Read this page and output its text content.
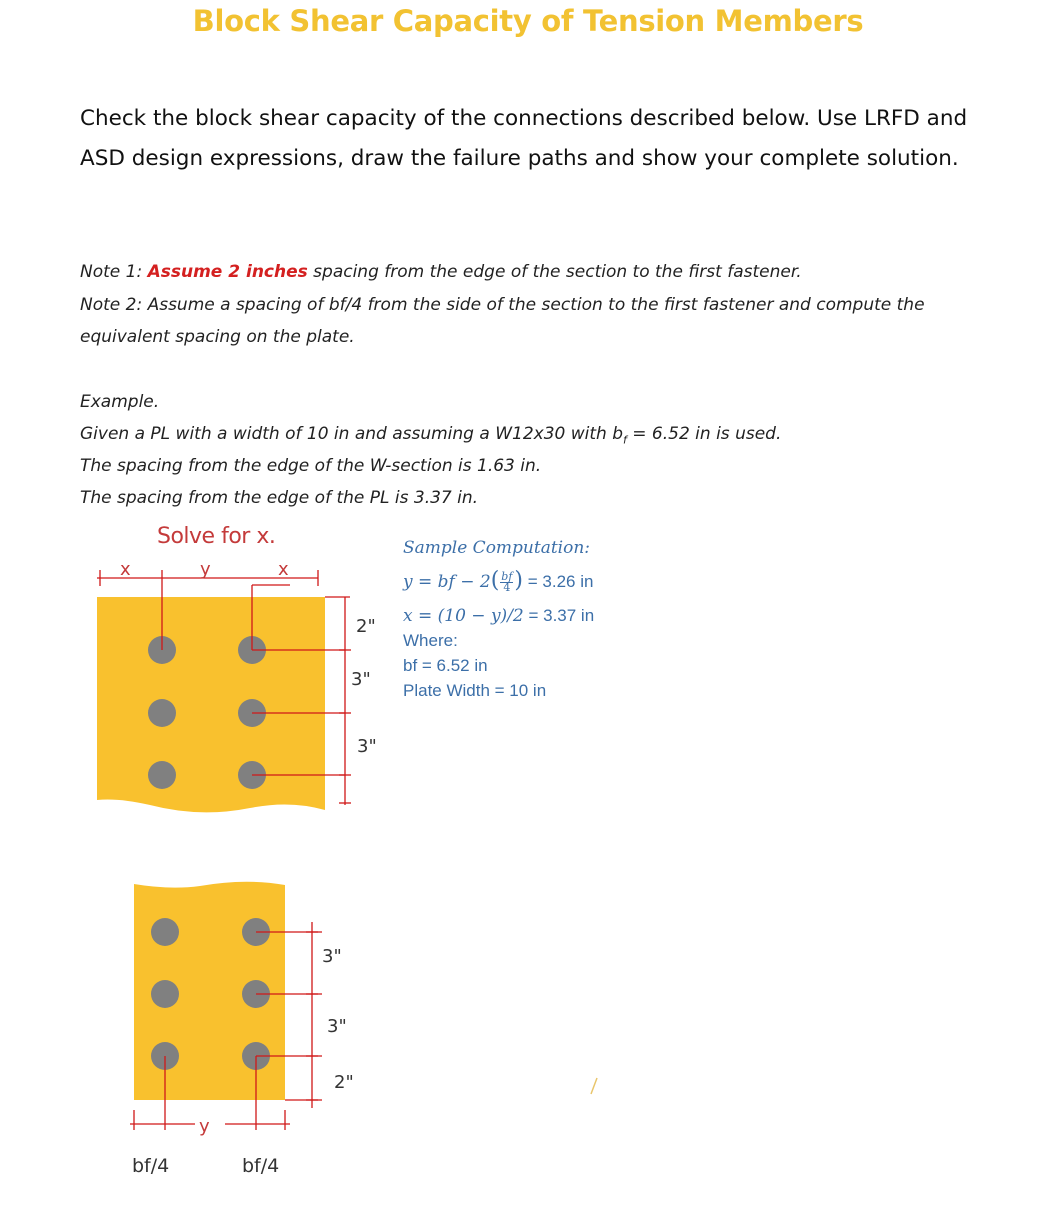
Block Shear Capacity of Tension Members
Check the block shear capacity of the connections described below. Use LRFD and ASD design expressions, draw the failure paths and show your complete solution.
Note 1: Assume 2 inches spacing from the edge of the section to the first fastener.
Note 2: Assume a spacing of bf/4 from the side of the section to the first fastener and compute the equivalent spacing on the plate.
Example.
Given a PL with a width of 10 in and assuming a W12x30 with $b_f = 6.52$ in is used.
The spacing from the edge of the W-section is 1.63 in.
The spacing from the edge of the PL is 3.37 in.
Solve for x.	Sample Computation:
y = bf − $2( \frac{bf}{4}$ ) = 3.26 in
x = (10 − y)/2 = 3.37 in
Where:
bf = 6.52 in
Plate Width = 10 in
x	y	x
2"
3"
3"
3"
3"
2"
y
bf/4	bf/4
